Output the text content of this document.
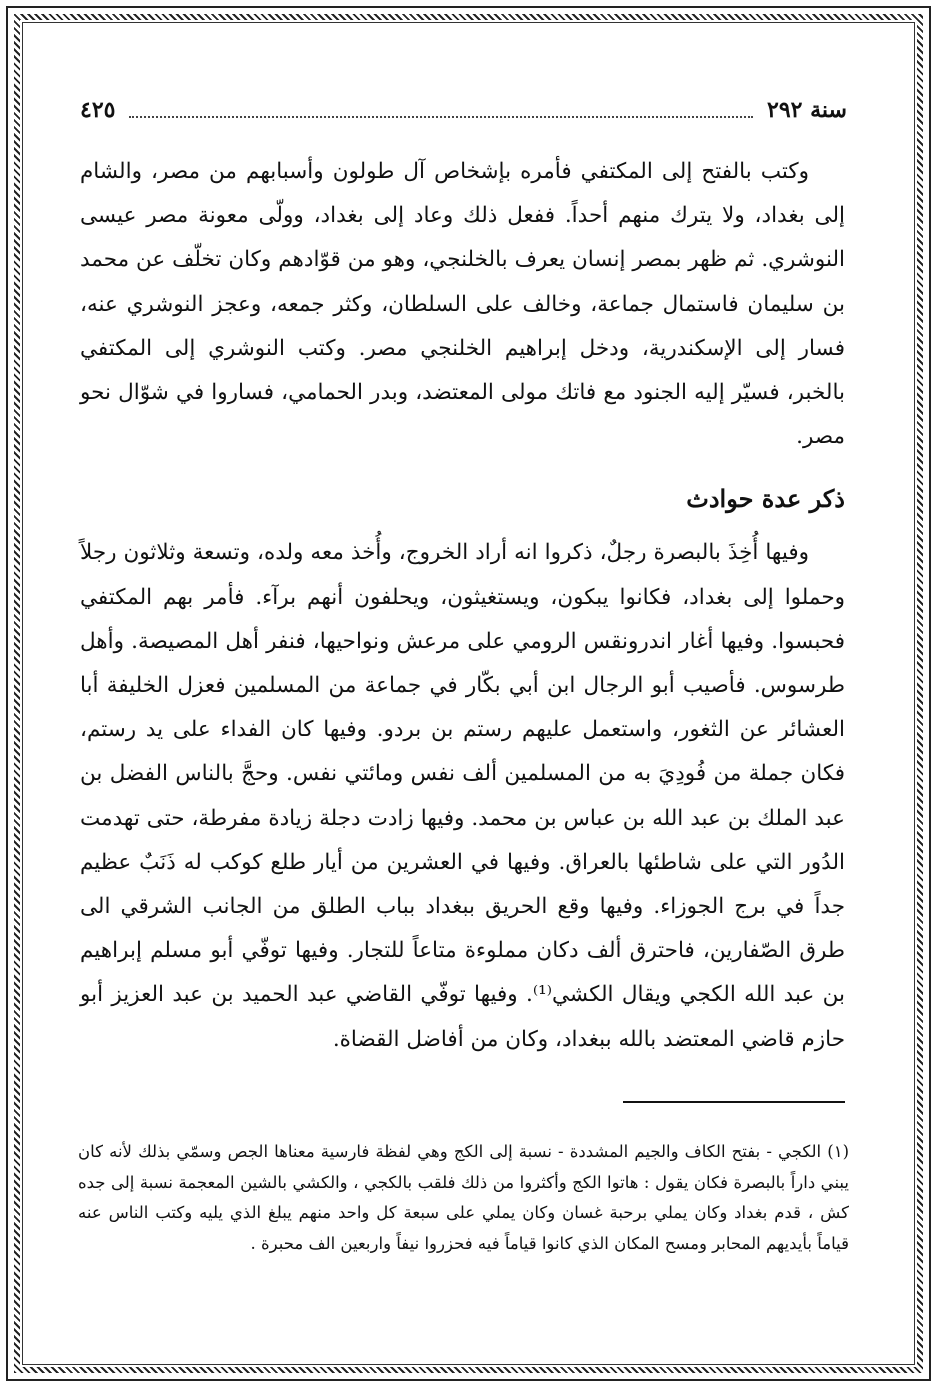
سنة ٢٩٢
٤٢٥

وكتب بالفتح إلى المكتفي فأمره بإشخاص آل طولون وأسبابهم من مصر، والشام إلى بغداد، ولا يترك منهم أحداً. ففعل ذلك وعاد إلى بغداد، وولّى معونة مصر عيسى النوشري. ثم ظهر بمصر إنسان يعرف بالخلنجي، وهو من قوّادهم وكان تخلّف عن محمد بن سليمان فاستمال جماعة، وخالف على السلطان، وكثر جمعه، وعجز النوشري عنه، فسار إلى الإسكندرية، ودخل إبراهيم الخلنجي مصر. وكتب النوشري إلى المكتفي بالخبر، فسيّر إليه الجنود مع فاتك مولى المعتضد، وبدر الحمامي، فساروا في شوّال نحو مصر.

ذكر عدة حوادث

وفيها أُخِذَ بالبصرة رجلٌ، ذكروا انه أراد الخروج، وأُخذ معه ولده، وتسعة وثلاثون رجلاً وحملوا إلى بغداد، فكانوا يبكون، ويستغيثون، ويحلفون أنهم برآء. فأمر بهم المكتفي فحبسوا. وفيها أغار اندرونقس الرومي على مرعش ونواحيها، فنفر أهل المصيصة. وأهل طرسوس. فأصيب أبو الرجال ابن أبي بكّار في جماعة من المسلمين فعزل الخليفة أبا العشائر عن الثغور، واستعمل عليهم رستم بن بردو. وفيها كان الفداء على يد رستم، فكان جملة من فُودِيَ به من المسلمين ألف نفس ومائتي نفس. وحجَّ بالناس الفضل بن عبد الملك بن عبد الله بن عباس بن محمد. وفيها زادت دجلة زيادة مفرطة، حتى تهدمت الدُور التي على شاطئها بالعراق. وفيها في العشرين من أيار طلع كوكب له ذَنَبٌ عظيم جداً في برج الجوزاء. وفيها وقع الحريق ببغداد بباب الطلق من الجانب الشرقي الى طرق الصّفارين، فاحترق ألف دكان مملوءة متاعاً للتجار. وفيها توفّي أبو مسلم إبراهيم بن عبد الله الكجي ويقال الكشي⁽¹⁾. وفيها توفّي القاضي عبد الحميد بن عبد العزيز أبو حازم قاضي المعتضد بالله ببغداد، وكان من أفاضل القضاة.

(١) الكجي - بفتح الكاف والجيم المشددة - نسبة إلى الكج وهي لفظة فارسية معناها الجص وسمّي بذلك لأنه كان يبني داراً بالبصرة فكان يقول : هاتوا الكج وأكثروا من ذلك فلقب بالكجي ، والكشي بالشين المعجمة نسبة إلى جده كش ، قدم بغداد وكان يملي برحبة غسان وكان يملي على سبعة كل واحد منهم يبلغ الذي يليه وكتب الناس عنه قياماً بأيديهم المحابر ومسح المكان الذي كانوا قياماً فيه فحزروا نيفاً واربعين الف محبرة .
